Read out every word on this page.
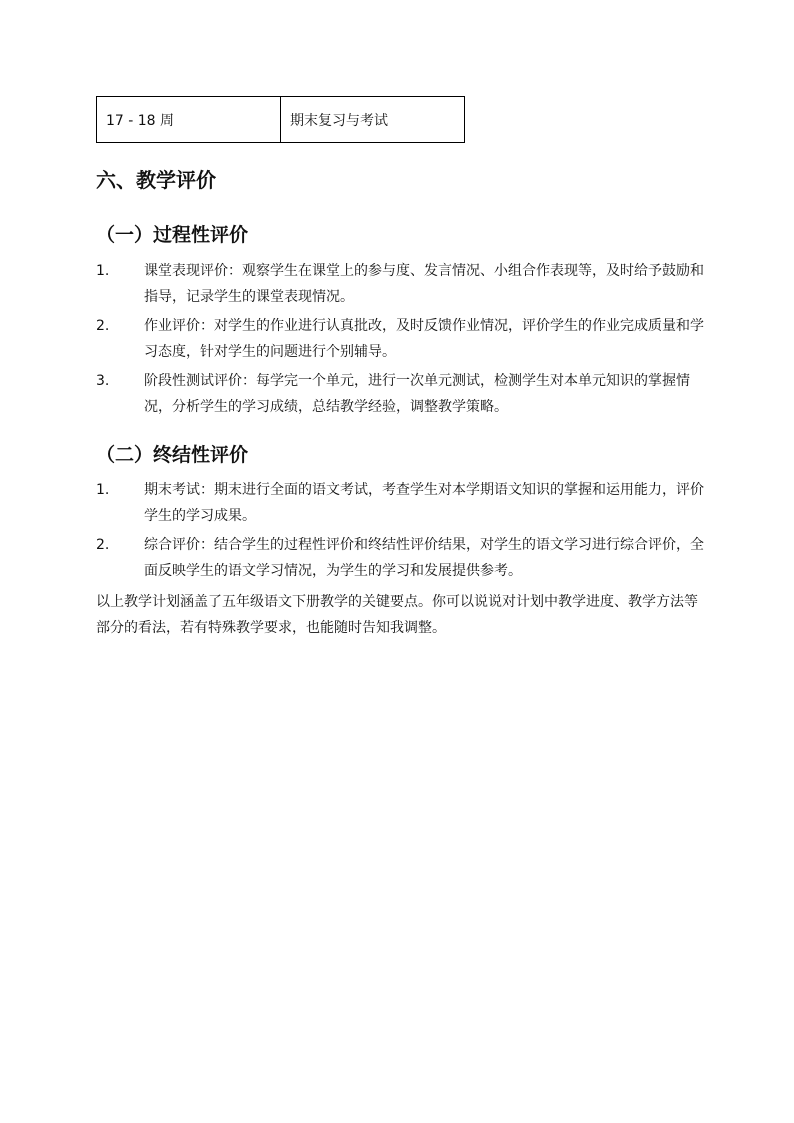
17 - 18 周	期末复习与考试
六、教学评价
（一）过程性评价
1. 课堂表现评价：观察学生在课堂上的参与度、发言情况、小组合作表现等，及时给予鼓励和指导，记录学生的课堂表现情况。
2. 作业评价：对学生的作业进行认真批改，及时反馈作业情况，评价学生的作业完成质量和学习态度，针对学生的问题进行个别辅导。
3. 阶段性测试评价：每学完一个单元，进行一次单元测试，检测学生对本单元知识的掌握情况，分析学生的学习成绩，总结教学经验，调整教学策略。
（二）终结性评价
1. 期末考试：期末进行全面的语文考试，考查学生对本学期语文知识的掌握和运用能力，评价学生的学习成果。
2. 综合评价：结合学生的过程性评价和终结性评价结果，对学生的语文学习进行综合评价，全面反映学生的语文学习情况，为学生的学习和发展提供参考。

以上教学计划涵盖了五年级语文下册教学的关键要点。你可以说说对计划中教学进度、教学方法等部分的看法，若有特殊教学要求，也能随时告知我调整。
